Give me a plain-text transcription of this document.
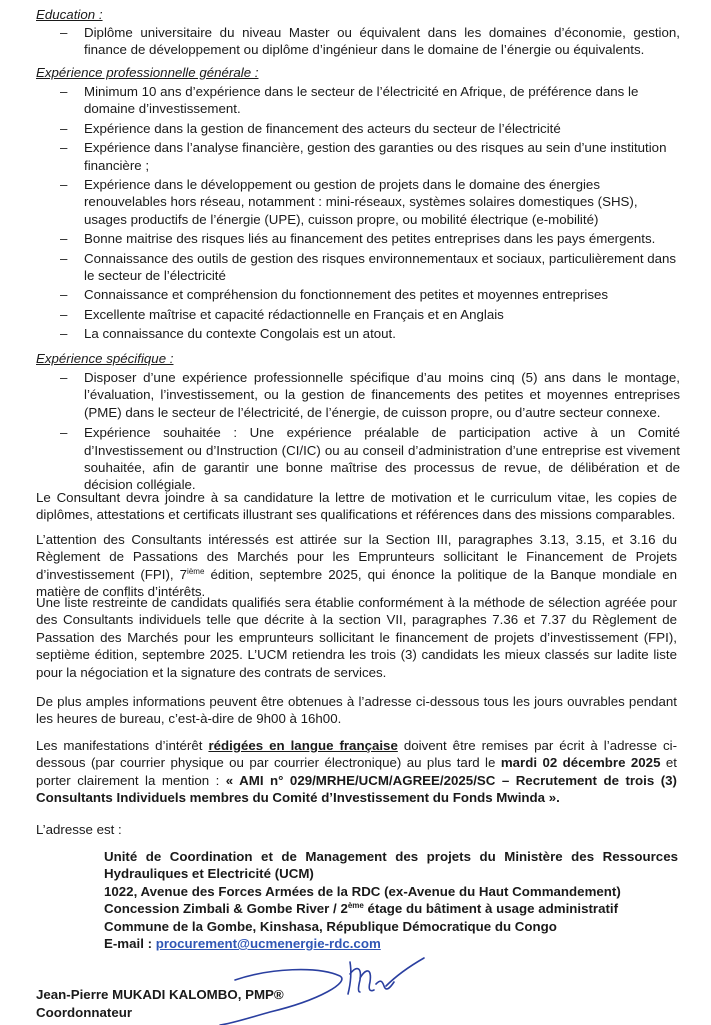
Education :
– Diplôme universitaire du niveau Master ou équivalent dans les domaines d’économie, gestion, finance de développement ou diplôme d’ingénieur dans le domaine de l’énergie ou équivalents.
Expérience professionnelle générale :
– Minimum 10 ans d’expérience dans le secteur de l’électricité en Afrique, de préférence dans le domaine d’investissement.
– Expérience dans la gestion de financement des acteurs du secteur de l’électricité
– Expérience dans l’analyse financière, gestion des garanties ou des risques au sein d’une institution financière ;
– Expérience dans le développement ou gestion de projets dans le domaine des énergies renouvelables hors réseau, notamment : mini-réseaux, systèmes solaires domestiques (SHS), usages productifs de l’énergie (UPE), cuisson propre, ou mobilité électrique (e-mobilité)
– Bonne maitrise des risques liés au financement des petites entreprises dans les pays émergents.
– Connaissance des outils de gestion des risques environnementaux et sociaux, particulièrement dans le secteur de l’électricité
– Connaissance et compréhension du fonctionnement des petites et moyennes entreprises
– Excellente maîtrise et capacité rédactionnelle en Français et en Anglais
– La connaissance du contexte Congolais est un atout.
Expérience spécifique :
– Disposer d’une expérience professionnelle spécifique d’au moins cinq (5) ans dans le montage, l’évaluation, l’investissement, ou la gestion de financements des petites et moyennes entreprises (PME) dans le secteur de l’électricité, de l’énergie, de cuisson propre, ou d’autre secteur connexe.
– Expérience souhaitée : Une expérience préalable de participation active à un Comité d’Investissement ou d’Instruction (CI/IC) ou au conseil d’administration d’une entreprise est vivement souhaitée, afin de garantir une bonne maîtrise des processus de revue, de délibération et de décision collégiale.
Le Consultant devra joindre à sa candidature la lettre de motivation et le curriculum vitae, les copies de diplômes, attestations et certificats illustrant ses qualifications et références dans des missions comparables.
L’attention des Consultants intéressés est attirée sur la Section III, paragraphes 3.13, 3.15, et 3.16 du Règlement de Passations des Marchés pour les Emprunteurs sollicitant le Financement de Projets d’investissement (FPI), 7ième édition, septembre 2025, qui énonce la politique de la Banque mondiale en matière de conflits d’intérêts.
Une liste restreinte de candidats qualifiés sera établie conformément à la méthode de sélection agréée pour des Consultants individuels telle que décrite à la section VII, paragraphes 7.36 et 7.37 du Règlement de Passation des Marchés pour les emprunteurs sollicitant le financement de projets d’investissement (FPI), septième édition, septembre 2025. L’UCM retiendra les trois (3) candidats les mieux classés sur ladite liste pour la négociation et la signature des contrats de services.
De plus amples informations peuvent être obtenues à l’adresse ci-dessous tous les jours ouvrables pendant les heures de bureau, c’est-à-dire de 9h00 à 16h00.
Les manifestations d’intérêt rédigées en langue française doivent être remises par écrit à l’adresse ci-dessous (par courrier physique ou par courrier électronique) au plus tard le mardi 02 décembre 2025 et porter clairement la mention : « AMI n° 029/MRHE/UCM/AGREE/2025/SC – Recrutement de trois (3) Consultants Individuels membres du Comité d’Investissement du Fonds Mwinda ».
L’adresse est :
Unité de Coordination et de Management des projets du Ministère des Ressources Hydrauliques et Electricité (UCM)
1022, Avenue des Forces Armées de la RDC (ex-Avenue du Haut Commandement)
Concession Zimbali & Gombe River / 2ème étage du bâtiment à usage administratif
Commune de la Gombe, Kinshasa, République Démocratique du Congo
E-mail : procurement@ucmenergie-rdc.com
Jean-Pierre MUKADI KALOMBO, PMP®
Coordonnateur
